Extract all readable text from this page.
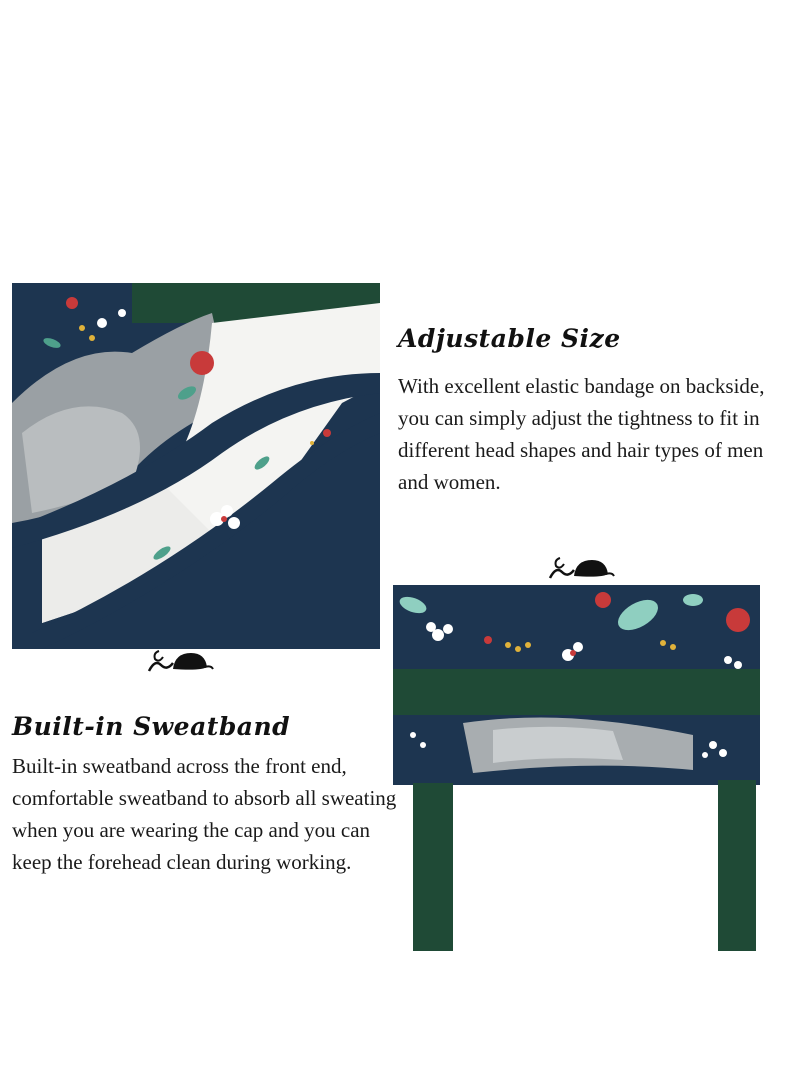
Adjustable Size

With excellent elastic bandage on backside, you can simply adjust the tightness to fit in different head shapes and hair types of men and women.

Built-in Sweatband

Built-in sweatband across the front end, comfortable sweatband to absorb all sweating when you are wearing the cap and you can keep the forehead clean during working.
